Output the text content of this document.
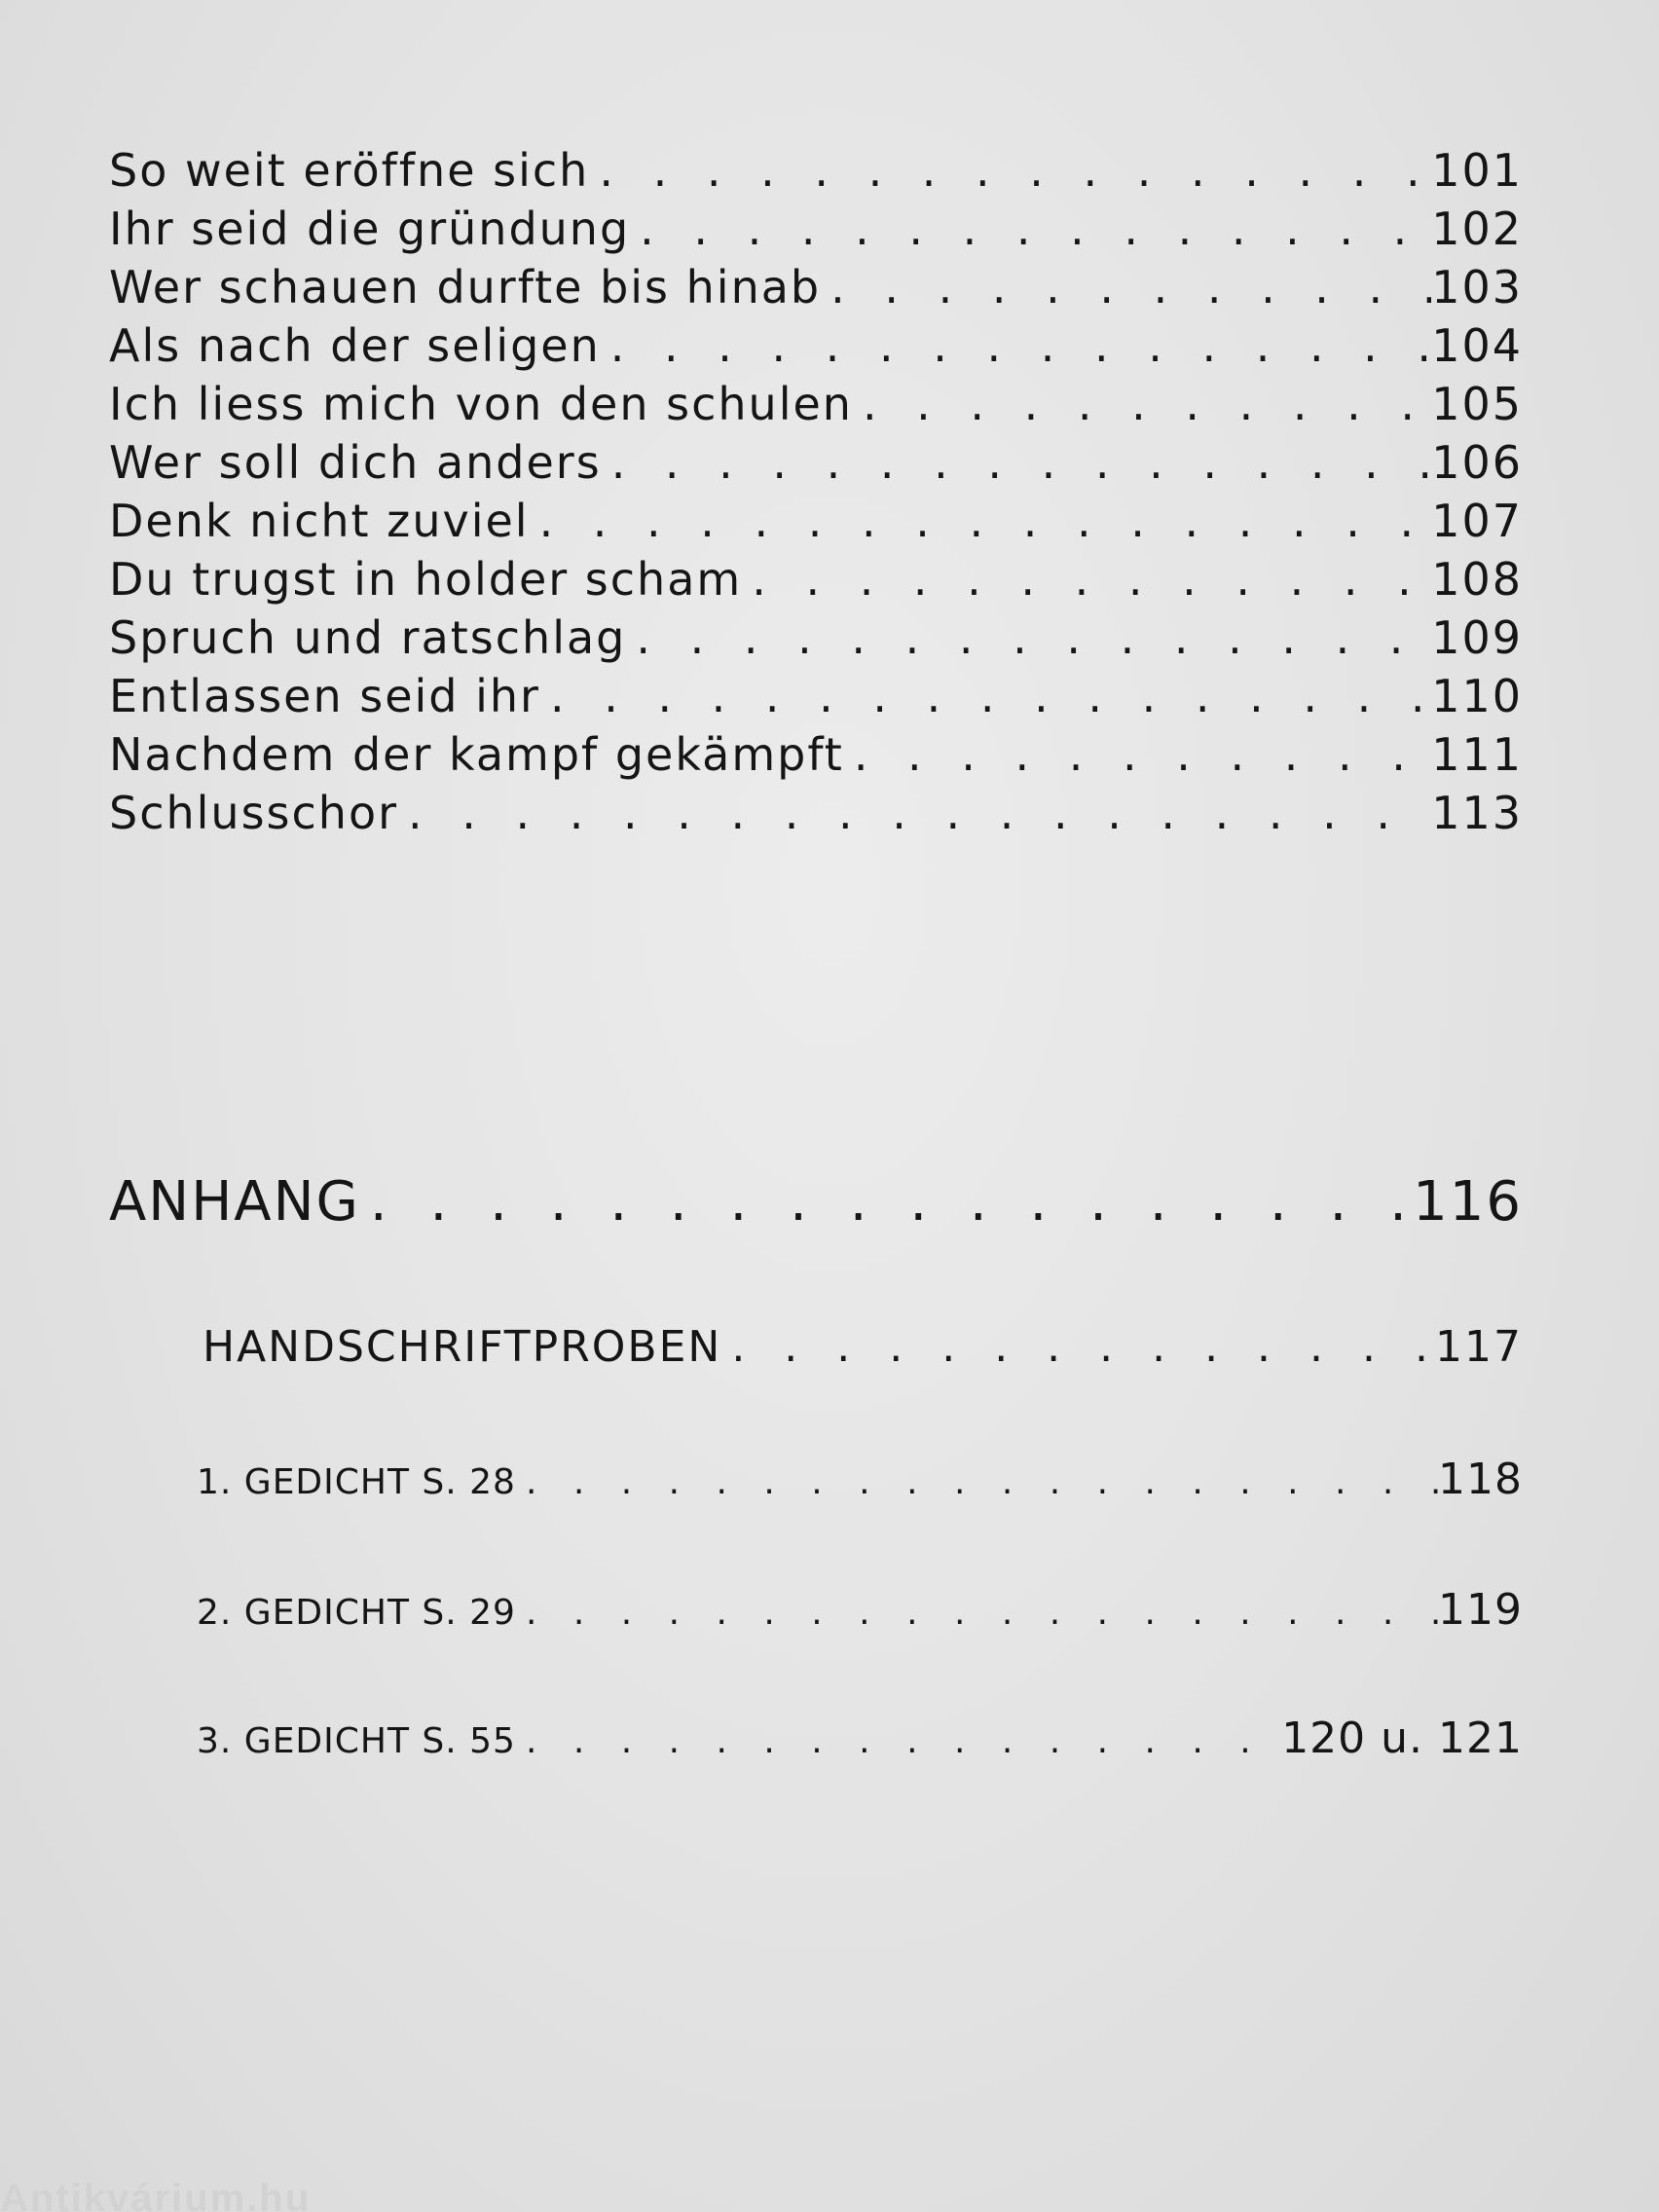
So weit eröffne sich . . .	101
Ihr seid die gründung . . .	102
Wer schauen durfte bis hinab . . .	103
Als nach der seligen . . .	104
Ich liess mich von den schulen . . .	105
Wer soll dich anders . . .	106
Denk nicht zuviel . . .	107
Du trugst in holder scham . . .	108
Spruch und ratschlag . . .	109
Entlassen seid ihr . . .	110
Nachdem der kampf gekämpft . . .	111
Schlusschor . . .	113
ANHANG . . .	116
HANDSCHRIFTPROBEN . . .	117
1. GEDICHT S. 28 . . .	118
2. GEDICHT S. 29 . . .	119
3. GEDICHT S. 55 . . .	120 u. 121
Antikvárium.hu
